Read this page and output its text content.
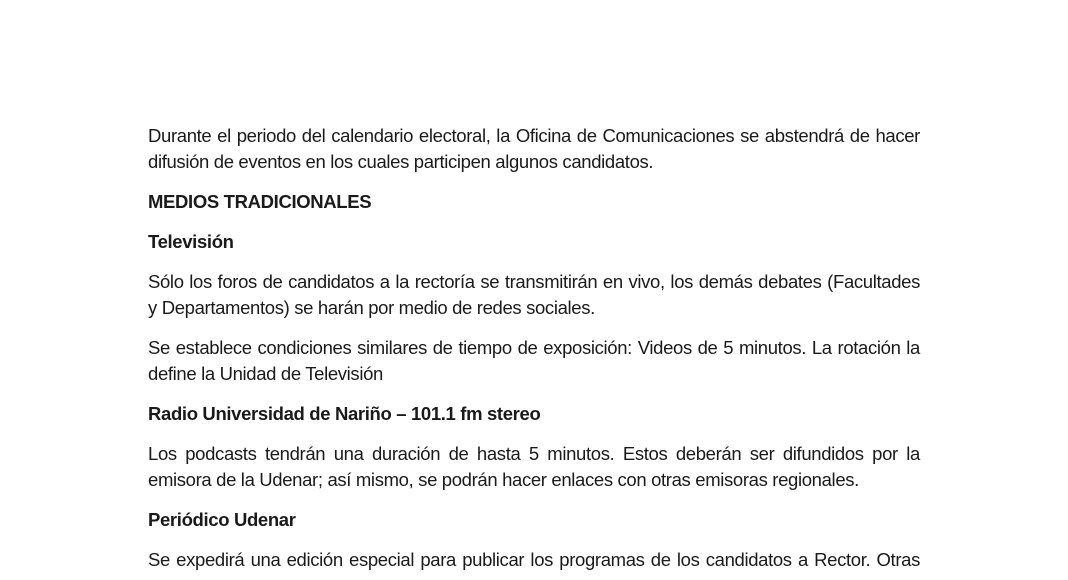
Durante el periodo del calendario electoral, la Oficina de Comunicaciones se abstendrá de hacer difusión de eventos en los cuales participen algunos candidatos.

MEDIOS TRADICIONALES

Televisión

Sólo los foros de candidatos a la rectoría se transmitirán en vivo, los demás debates (Facultades y Departamentos) se harán por medio de redes sociales.

Se establece condiciones similares de tiempo de exposición: Videos de 5 minutos. La rotación la define la Unidad de Televisión

Radio Universidad de Nariño – 101.1 fm stereo

Los podcasts tendrán una duración de hasta 5 minutos. Estos deberán ser difundidos por la emisora de la Udenar; así mismo, se podrán hacer enlaces con otras emisoras regionales.

Periódico Udenar

Se expedirá una edición especial para publicar los programas de los candidatos a Rector. Otras
